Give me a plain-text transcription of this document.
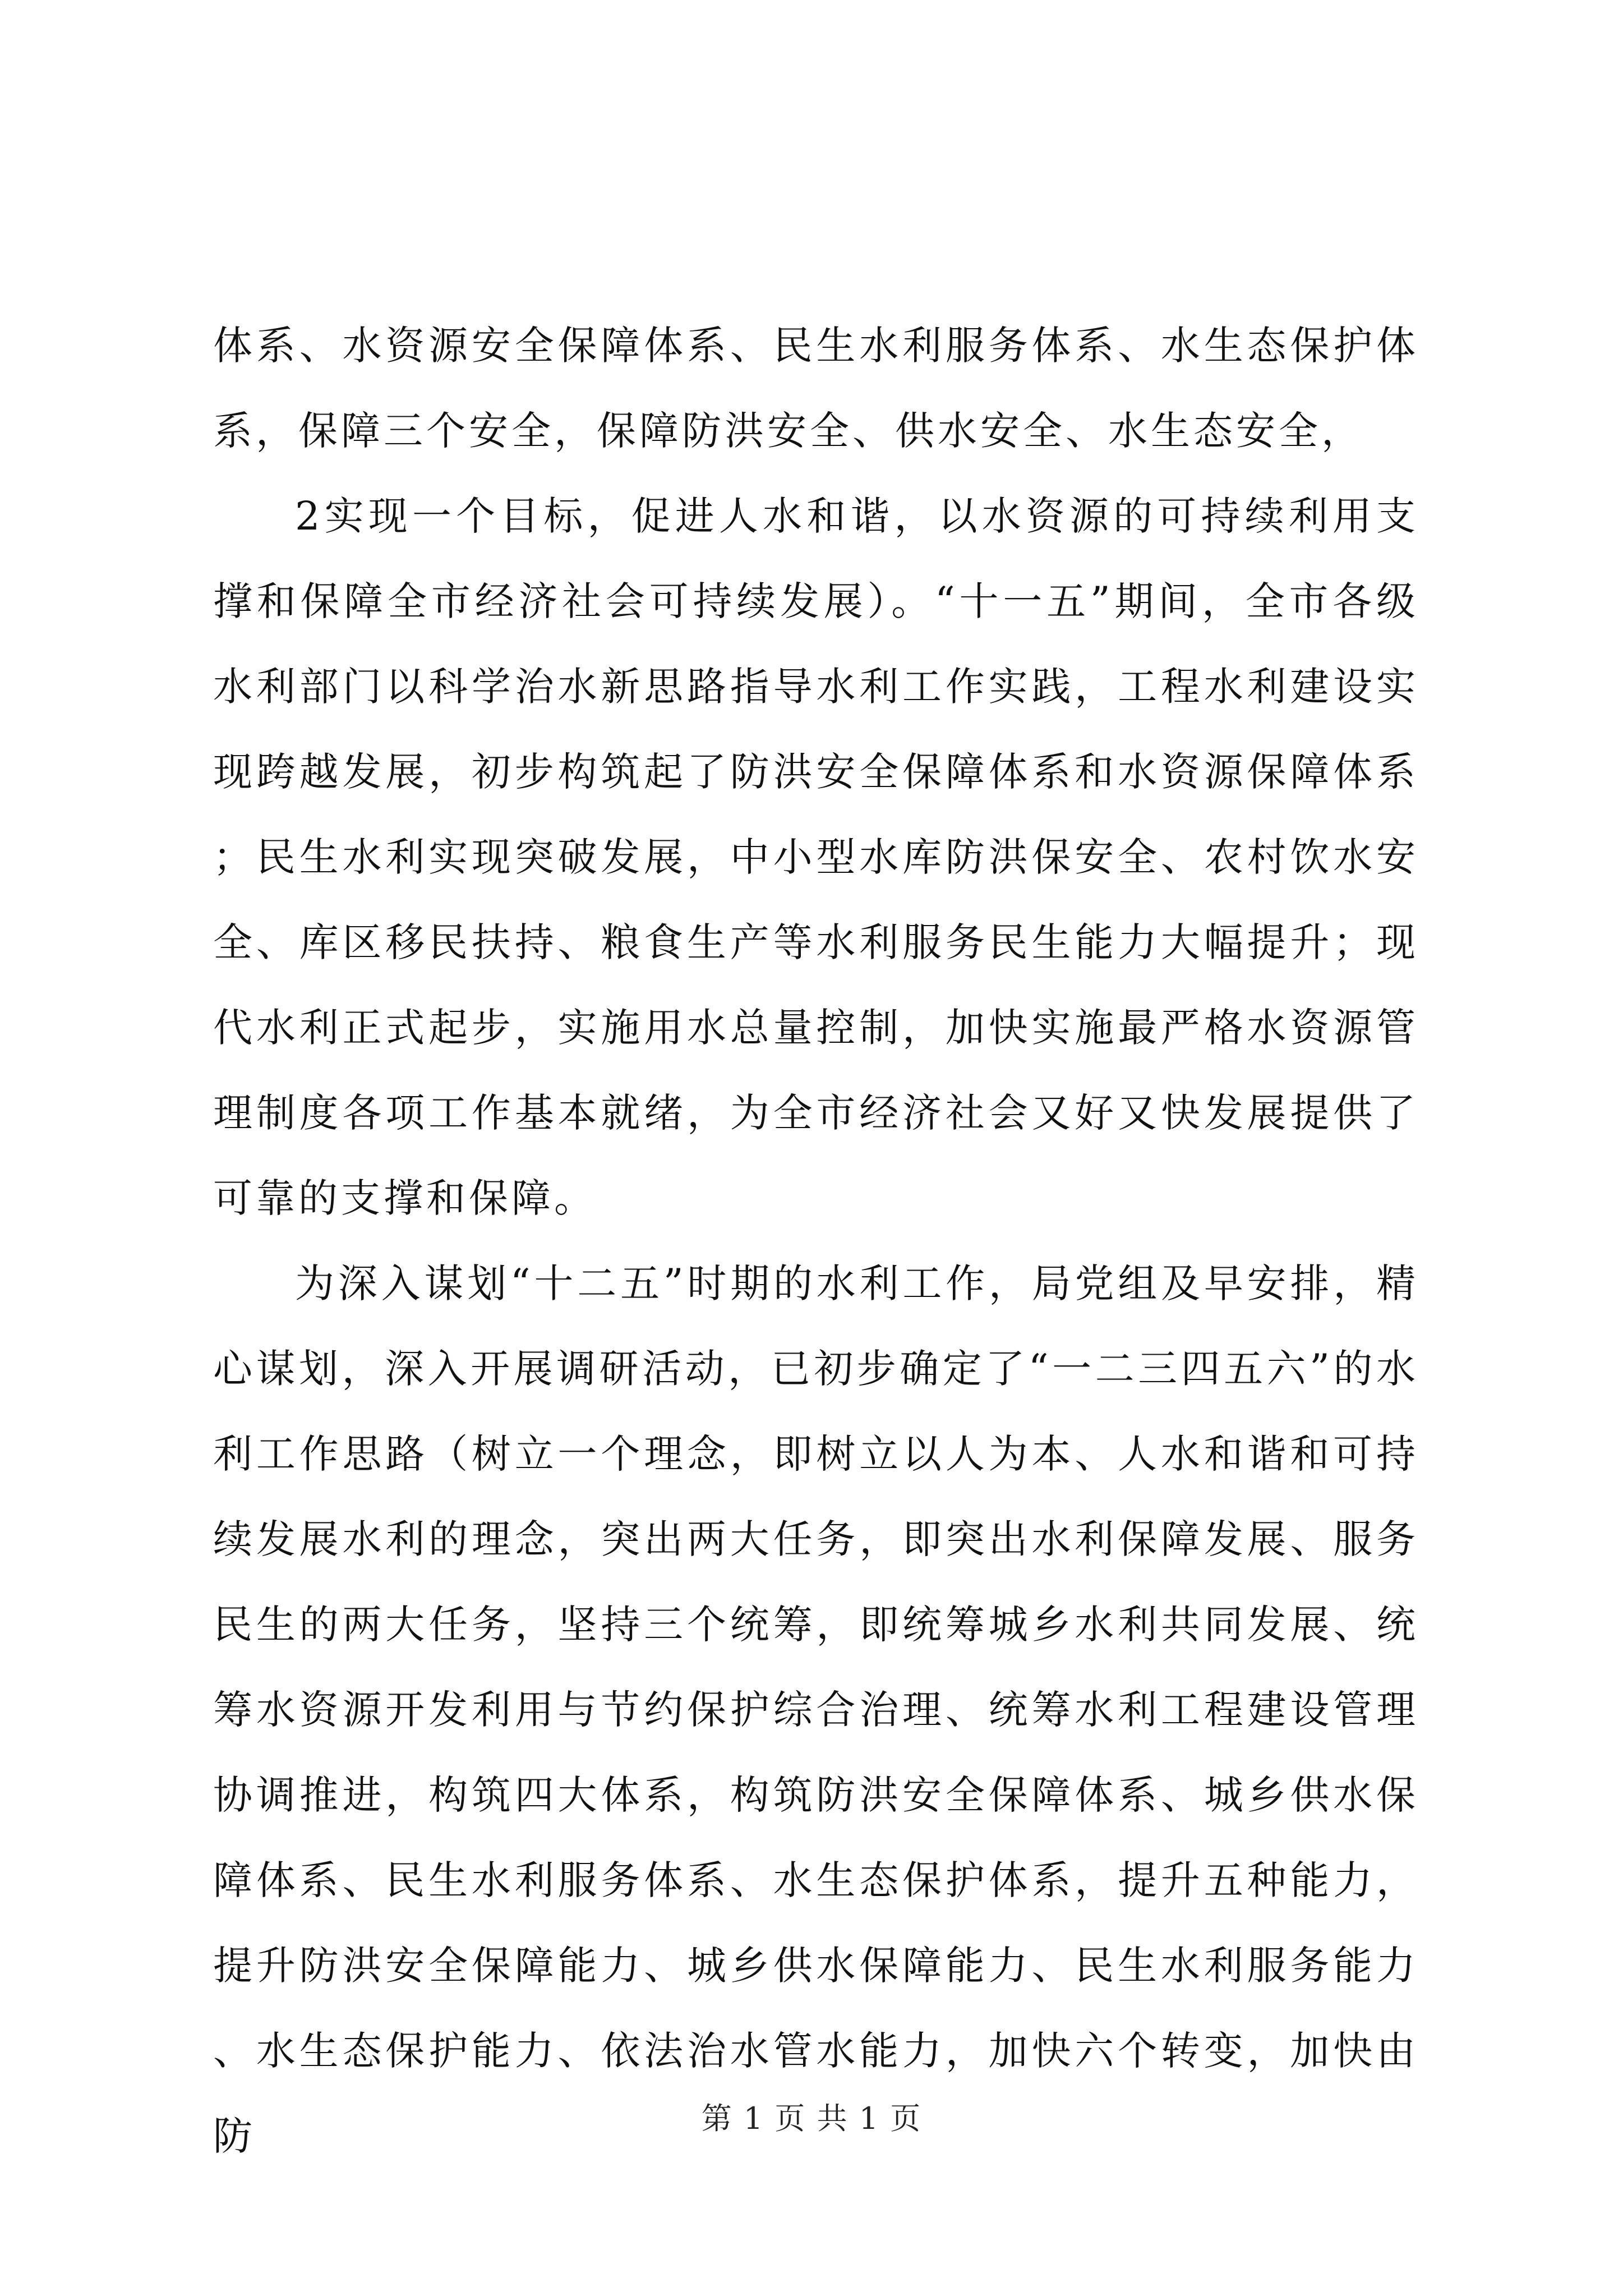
体系、水资源安全保障体系、民生水利服务体系、水生态保护体系，保障三个安全，保障防洪安全、供水安全、水生态安全，

2实现一个目标，促进人水和谐，以水资源的可持续利用支撑和保障全市经济社会可持续发展）。“十一五”期间，全市各级水利部门以科学治水新思路指导水利工作实践，工程水利建设实现跨越发展，初步构筑起了防洪安全保障体系和水资源保障体系；民生水利实现突破发展，中小型水库防洪保安全、农村饮水安全、库区移民扶持、粮食生产等水利服务民生能力大幅提升；现代水利正式起步，实施用水总量控制，加快实施最严格水资源管理制度各项工作基本就绪，为全市经济社会又好又快发展提供了可靠的支撑和保障。

为深入谋划“十二五”时期的水利工作，局党组及早安排，精心谋划，深入开展调研活动，已初步确定了“一二三四五六”的水利工作思路（树立一个理念，即树立以人为本、人水和谐和可持续发展水利的理念，突出两大任务，即突出水利保障发展、服务民生的两大任务，坚持三个统筹，即统筹城乡水利共同发展、统筹水资源开发利用与节约保护综合治理、统筹水利工程建设管理协调推进，构筑四大体系，构筑防洪安全保障体系、城乡供水保障体系、民生水利服务体系、水生态保护体系，提升五种能力，提升防洪安全保障能力、城乡供水保障能力、民生水利服务能力、水生态保护能力、依法治水管水能力，加快六个转变，加快由防	第 1 页 共 1 页
